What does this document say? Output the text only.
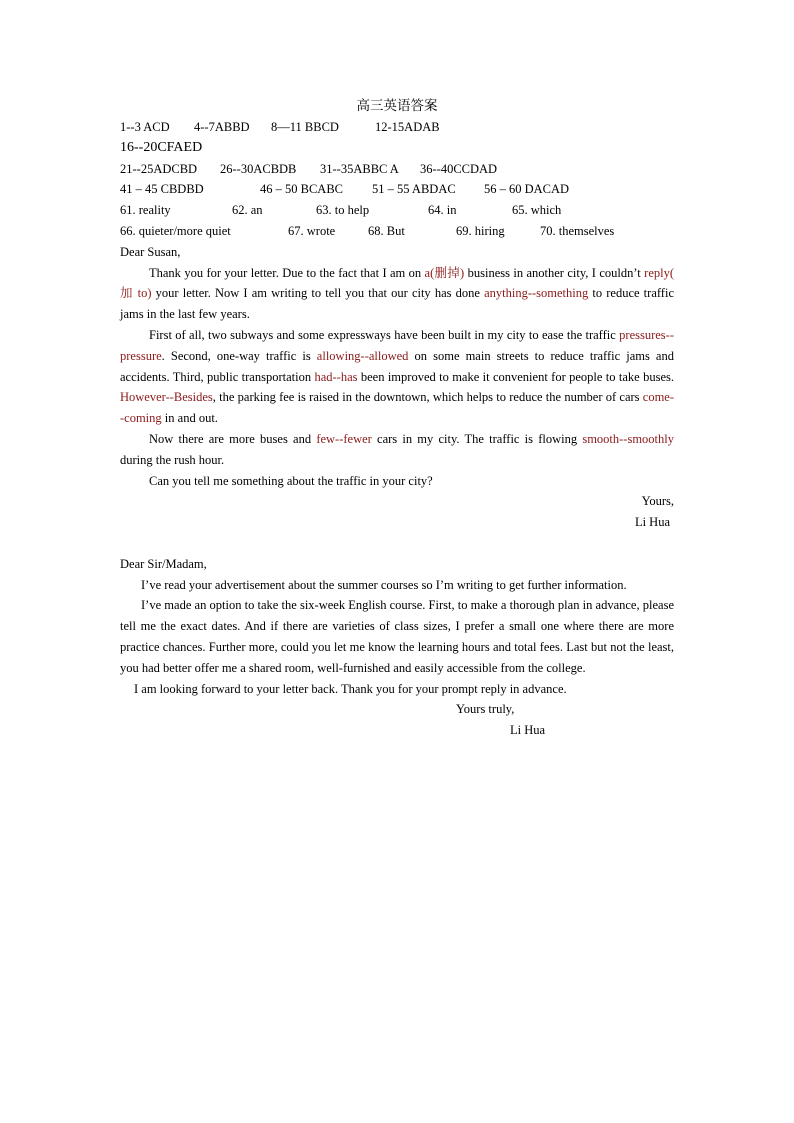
高三英语答案
1--3 ACD	4--7ABBD	8—11 BBCD	12-15ADAB
16--20CFAED
21--25ADCBD	26--30ACBDB	31--35ABBC A	36--40CCDAD
41 – 45 CBDBD	46 – 50 BCABC	51 – 55 ABDAC	56 – 60 DACAD
61. reality	62. an	63. to help	64. in	65. which
66. quieter/more quiet	67. wrote	68. But	69. hiring	70. themselves
Dear Susan,
Thank you for your letter. Due to the fact that I am on a(删掉) business in another city, I couldn’t reply( 加 to) your letter. Now I am writing to tell you that our city has done anything--something to reduce traffic jams in the last few years.
First of all, two subways and some expressways have been built in my city to ease the traffic pressures--pressure. Second, one-way traffic is allowing--allowed on some main streets to reduce traffic jams and accidents. Third, public transportation had--has been improved to make it convenient for people to take buses. However--Besides, the parking fee is raised in the downtown, which helps to reduce the number of cars come--coming in and out.
Now there are more buses and few--fewer cars in my city. The traffic is flowing smooth--smoothly during the rush hour.
Can you tell me something about the traffic in your city?
Yours,
Li Hua
Dear Sir/Madam,
I’ve read your advertisement about the summer courses so I’m writing to get further information.
I’ve made an option to take the six-week English course. First, to make a thorough plan in advance, please tell me the exact dates. And if there are varieties of class sizes, I prefer a small one where there are more practice chances. Further more, could you let me know the learning hours and total fees. Last but not the least, you had better offer me a shared room, well-furnished and easily accessible from the college.
I am looking forward to your letter back. Thank you for your prompt reply in advance.
Yours truly,
Li Hua
